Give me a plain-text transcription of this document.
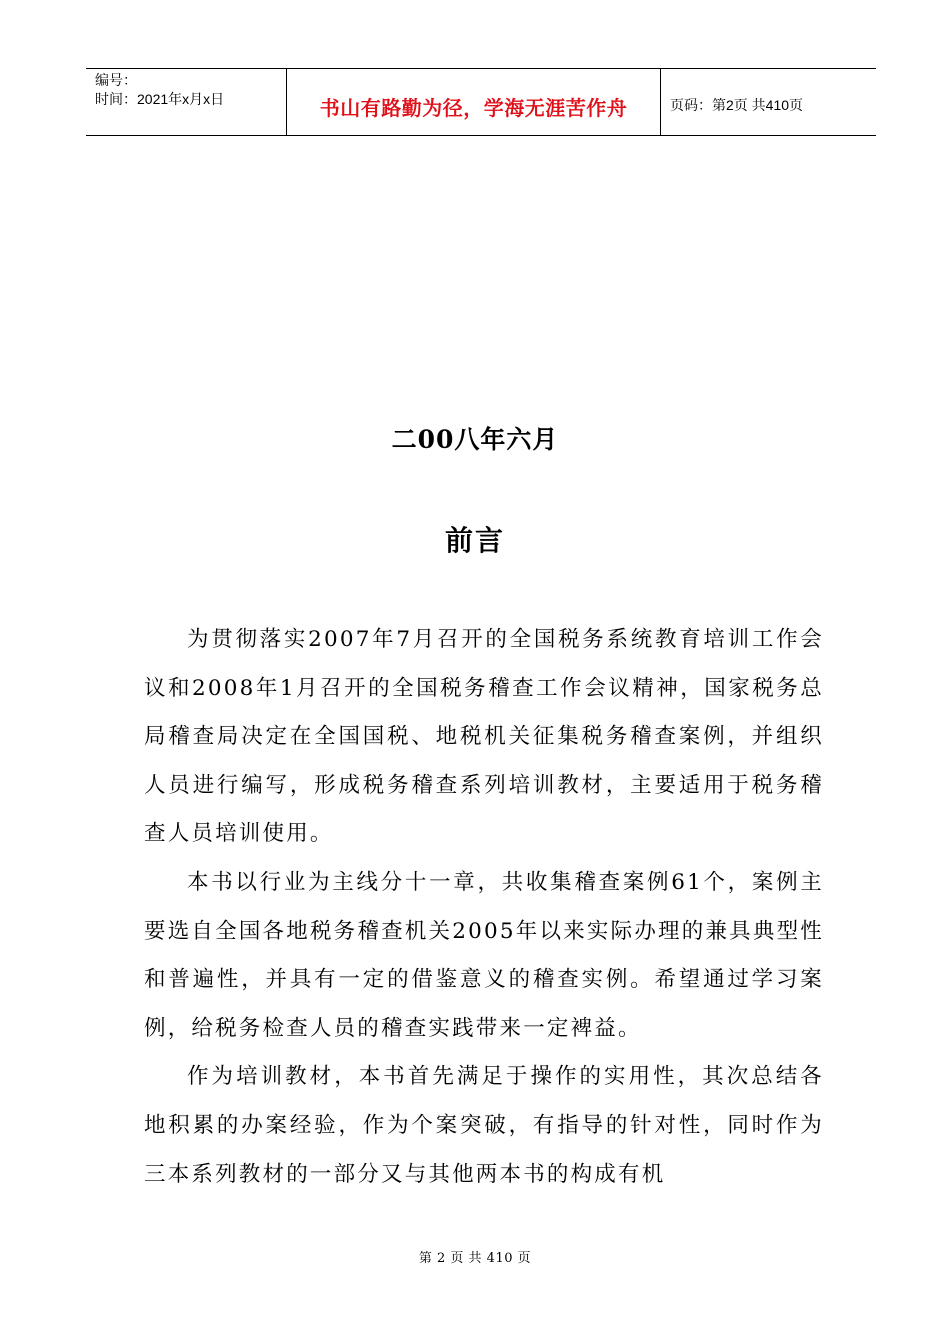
编号：
时间：2021年x月x日	书山有路勤为径，学海无涯苦作舟	页码：第2页 共410页
二00八年六月
前言

为贯彻落实2007年7月召开的全国税务系统教育培训工作会议和2008年1月召开的全国税务稽查工作会议精神，国家税务总局稽查局决定在全国国税、地税机关征集税务稽查案例，并组织人员进行编写，形成税务稽查系列培训教材，主要适用于税务稽查人员培训使用。

本书以行业为主线分十一章，共收集稽查案例61个，案例主要选自全国各地税务稽查机关2005年以来实际办理的兼具典型性和普遍性，并具有一定的借鉴意义的稽查实例。希望通过学习案例，给税务检查人员的稽查实践带来一定裨益。

作为培训教材，本书首先满足于操作的实用性，其次总结各地积累的办案经验，作为个案突破，有指导的针对性，同时作为三本系列教材的一部分又与其他两本书的构成有机

第 2 页 共 410 页
